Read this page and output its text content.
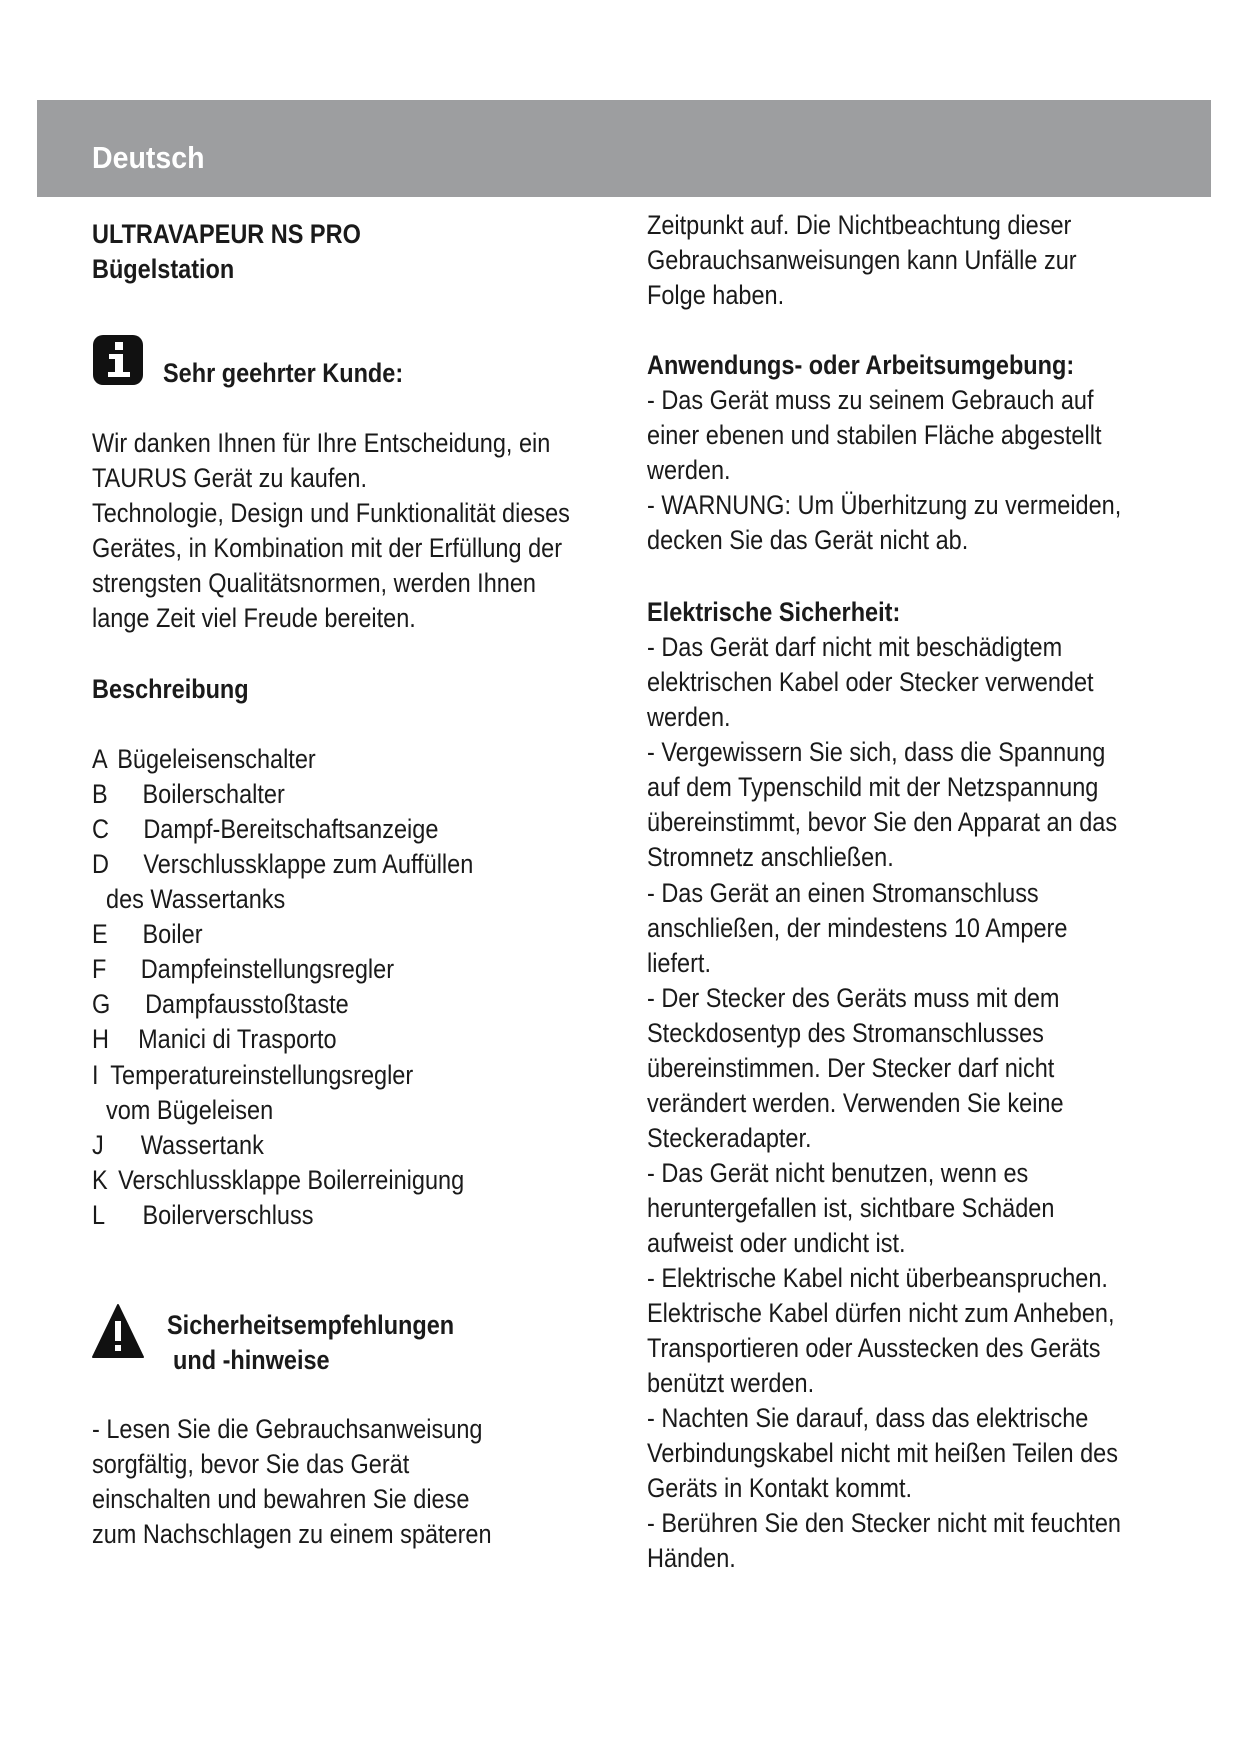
Deutsch
ULTRAVAPEUR NS PRO
Bügelstation
Sehr geehrter Kunde:
Wir danken Ihnen für Ihre Entscheidung, ein
TAURUS Gerät zu kaufen.
Technologie, Design und Funktionalität dieses
Gerätes, in Kombination mit der Erfüllung der
strengsten Qualitätsnormen, werden Ihnen
lange Zeit viel Freude bereiten.
Beschreibung
A Bügeleisenschalter
B Boilerschalter
C Dampf-Bereitschaftsanzeige
D Verschlussklappe zum Auffüllen
des Wassertanks
E Boiler
F Dampfeinstellungsregler
G Dampfausstoßtaste
H Manici di Trasporto
I Temperatureinstellungsregler
vom Bügeleisen
J Wassertank
K Verschlussklappe Boilerreinigung
L Boilerverschluss
Sicherheitsempfehlungen
und -hinweise
- Lesen Sie die Gebrauchsanweisung
sorgfältig, bevor Sie das Gerät
einschalten und bewahren Sie diese
zum Nachschlagen zu einem späteren
Zeitpunkt auf. Die Nichtbeachtung dieser
Gebrauchsanweisungen kann Unfälle zur
Folge haben.
Anwendungs- oder Arbeitsumgebung:
- Das Gerät muss zu seinem Gebrauch auf
einer ebenen und stabilen Fläche abgestellt
werden.
- WARNUNG: Um Überhitzung zu vermeiden,
decken Sie das Gerät nicht ab.
Elektrische Sicherheit:
- Das Gerät darf nicht mit beschädigtem
elektrischen Kabel oder Stecker verwendet
werden.
- Vergewissern Sie sich, dass die Spannung
auf dem Typenschild mit der Netzspannung
übereinstimmt, bevor Sie den Apparat an das
Stromnetz anschließen.
- Das Gerät an einen Stromanschluss
anschließen, der mindestens 10 Ampere
liefert.
- Der Stecker des Geräts muss mit dem
Steckdosentyp des Stromanschlusses
übereinstimmen. Der Stecker darf nicht
verändert werden. Verwenden Sie keine
Steckeradapter.
- Das Gerät nicht benutzen, wenn es
heruntergefallen ist, sichtbare Schäden
aufweist oder undicht ist.
- Elektrische Kabel nicht überbeanspruchen.
Elektrische Kabel dürfen nicht zum Anheben,
Transportieren oder Ausstecken des Geräts
benützt werden.
- Nachten Sie darauf, dass das elektrische
Verbindungskabel nicht mit heißen Teilen des
Geräts in Kontakt kommt.
- Berühren Sie den Stecker nicht mit feuchten
Händen.
